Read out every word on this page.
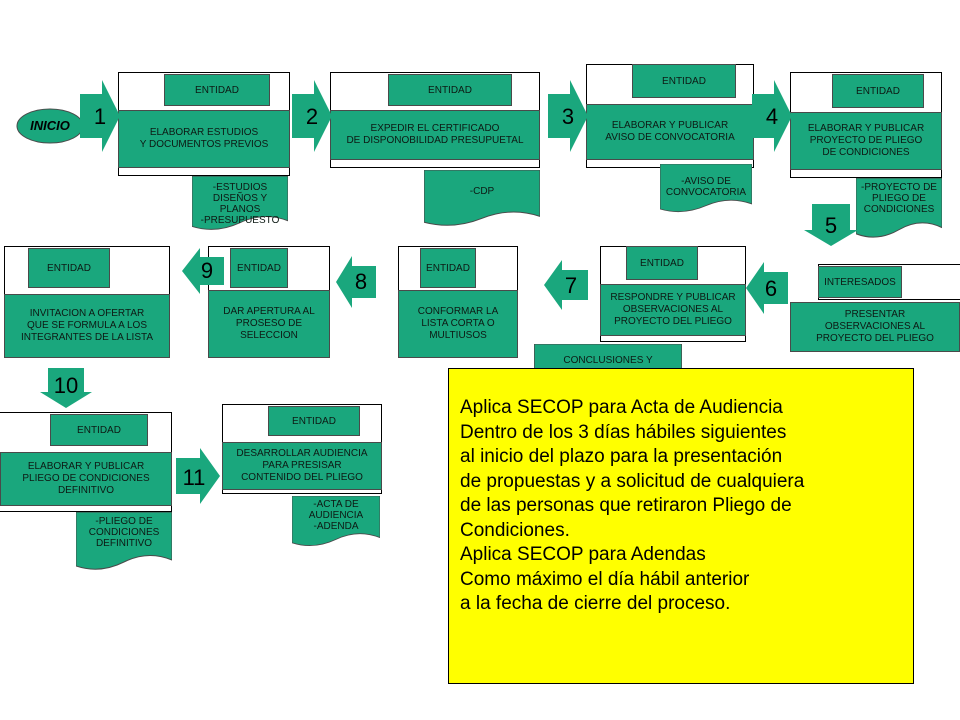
INICIO
ENTIDAD
ELABORAR ESTUDIOS
Y DOCUMENTOS PREVIOS
-ESTUDIOS
DISEÑOS Y PLANOS
-PRESUPUESTO
1
ENTIDAD
EXPEDIR EL CERTIFICADO
DE DISPONOBILIDAD PRESUPUETAL
-CDP
2
ENTIDAD
ELABORAR Y PUBLICAR
AVISO DE CONVOCATORIA
-AVISO DE
CONVOCATORIA
3
ENTIDAD
ELABORAR Y PUBLICAR
PROYECTO DE PLIEGO
DE CONDICIONES
-PROYECTO DE
PLIEGO DE
CONDICIONES
4
5
INTERESADOS
PRESENTAR
OBSERVACIONES AL
PROYECTO DEL PLIEGO
ENTIDAD
RESPONDRE Y PUBLICAR
OBSERVACIONES AL
PROYECTO DEL PLIEGO
CONCLUSIONES Y
6
7
ENTIDAD
CONFORMAR LA
LISTA CORTA O
MULTIUSOS
8
ENTIDAD
DAR APERTURA AL
PROSESO DE
SELECCION
9
ENTIDAD
INVITACION A OFERTAR
QUE SE FORMULA A LOS
INTEGRANTES DE LA LISTA
10
ENTIDAD
ELABORAR Y PUBLICAR
PLIEGO DE CONDICIONES
DEFINITIVO
-PLIEGO DE
CONDICIONES
DEFINITIVO
11
ENTIDAD
DESARROLLAR AUDIENCIA
PARA PRESISAR
CONTENIDO DEL PLIEGO
-ACTA DE
AUDIENCIA
-ADENDA
Aplica SECOP para Acta de Audiencia
Dentro de los 3 días hábiles siguientes
al inicio del plazo para la presentación
de propuestas y a solicitud de cualquiera
de las personas que retiraron Pliego de
Condiciones.
Aplica SECOP para Adendas
Como máximo el día hábil anterior
a la fecha de cierre del proceso.
